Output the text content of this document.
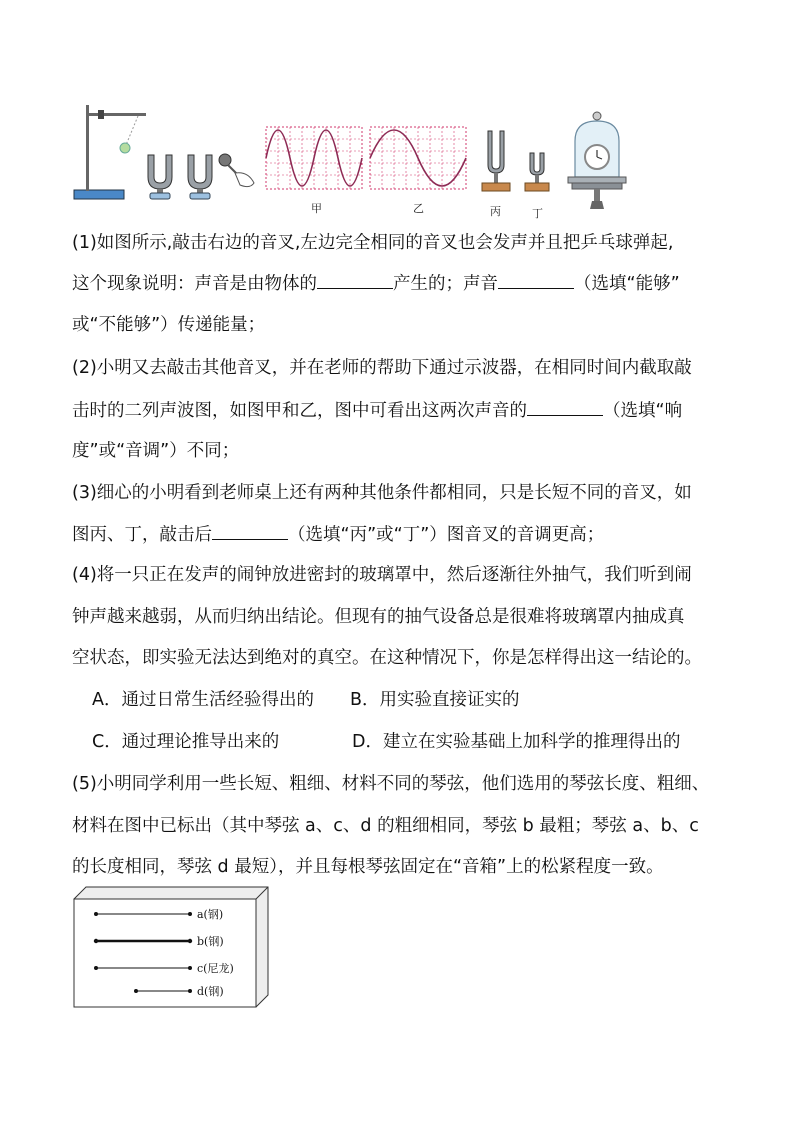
甲	乙	丙	丁
(1)如图所示,敲击右边的音叉,左边完全相同的音叉也会发声并且把乒乓球弹起,
这个现象说明：声音是由物体的	产生的；声音	（选填“能够”
或“不能够”）传递能量；
(2)小明又去敲击其他音叉，并在老师的帮助下通过示波器，在相同时间内截取敲
击时的二列声波图，如图甲和乙，图中可看出这两次声音的	（选填“响
度”或“音调”）不同；
(3)细心的小明看到老师桌上还有两种其他条件都相同，只是长短不同的音叉，如
图丙、丁，敲击后	（选填“丙”或“丁”）图音叉的音调更高；
(4)将一只正在发声的闹钟放进密封的玻璃罩中，然后逐渐往外抽气，我们听到闹
钟声越来越弱，从而归纳出结论。但现有的抽气设备总是很难将玻璃罩内抽成真
空状态，即实验无法达到绝对的真空。在这种情况下，你是怎样得出这一结论的。
A．通过日常生活经验得出的 B．用实验直接证实的
C．通过理论推导出来的	D．建立在实验基础上加科学的推理得出的
(5)小明同学利用一些长短、粗细、材料不同的琴弦，他们选用的琴弦长度、粗细、
材料在图中已标出（其中琴弦 a、c、d 的粗细相同，琴弦 b 最粗；琴弦 a、b、c
的长度相同，琴弦 d 最短），并且每根琴弦固定在“音箱”上的松紧程度一致。
a(钢)
b(钢)
c(尼龙)
d(钢)
